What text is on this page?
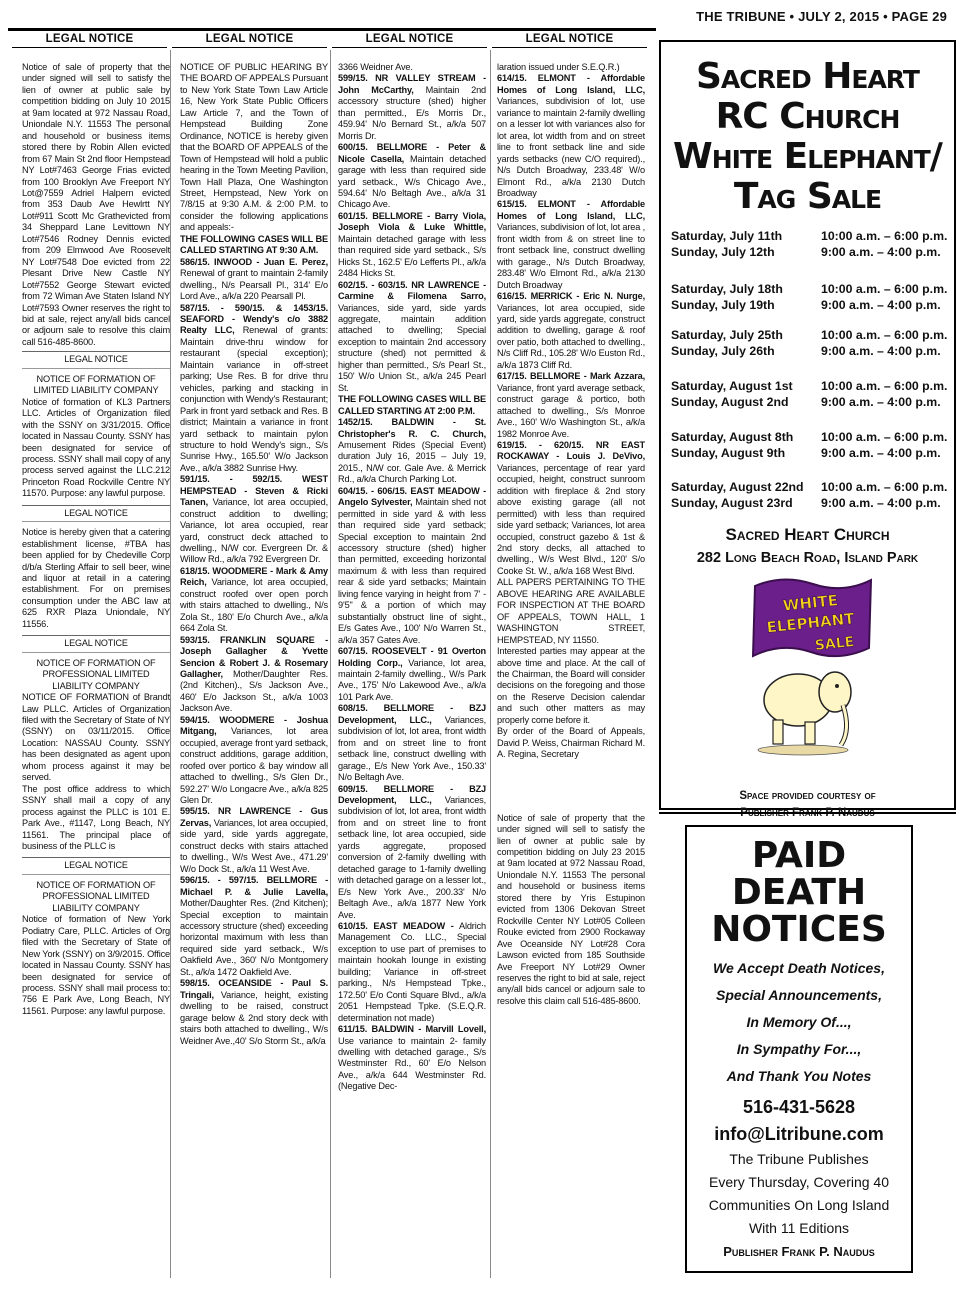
THE TRIBUNE • JULY 2, 2015 • PAGE 29
LEGAL NOTICE	LEGAL NOTICE	LEGAL NOTICE	LEGAL NOTICE

Notice of sale of property that the under signed will sell to satisfy the lien of owner at public sale by competition bidding on July 10 2015 at 9am located at 972 Nassau Road, Uniondale N.Y. 11553 The personal and household or business items stored there by Robin Allen evicted from 67 Main St 2nd floor Hempstead NY Lot#7463 George Frias evicted from 100 Brooklyn Ave Freeport NY Lot@7559 Adriel Halpern evicted from 353 Daub Ave Hewlrtt NY Lot#911 Scott Mc Grathevicted from 34 Sheppard Lane Levittown NY Lot#7546 Rodney Dennis evicted from 209 Elmwood Ave Roosevelt NY Lot#7548 Doe evicted from 22 Plesant Drive New Castle NY Lot#7552 George Stewart evicted from 72 Wiman Ave Staten Island NY Lot#7593 Owner reserves the right to bid at sale, reject any/all bids cancel or adjourn sale to resolve this claim call 516-485-8600.

LEGAL NOTICE

NOTICE OF FORMATION OF LIMITED LIABILITY COMPANY

Notice of formation of KL3 Partners LLC. Articles of Organization filed with the SSNY on 3/31/2015. Office located in Nassau County. SSNY has been designated for service of process. SSNY shall mail copy of any process served against the LLC.212 Princeton Road Rockville Centre NY 11570. Purpose: any lawful purpose.

LEGAL NOTICE

Notice is hereby given that a catering establishment license, #TBA has been applied for by Chedeville Corp d/b/a Sterling Affair to sell beer, wine and liquor at retail in a catering establishment. For on premises consumption under the ABC law at 625 RXR Plaza Uniondale, NY 11556.

LEGAL NOTICE

NOTICE OF FORMATION OF PROFESSIONAL LIMITED LIABILITY COMPANY

NOTICE OF FORMATION of Brandt Law PLLC. Articles of Organization filed with the Secretary of State of NY (SSNY) on 03/11/2015. Office Location: NASSAU County. SSNY has been designated as agent upon whom process against it may be served.

The post office address to which SSNY shall mail a copy of any process against the PLLC is 101 E. Park Ave., #1147, Long Beach, NY 11561. The principal place of business of the PLLC is

LEGAL NOTICE

NOTICE OF FORMATION OF PROFESSIONAL LIMITED LIABILITY COMPANY

Notice of formation of New York Podiatry Care, PLLC. Articles of Org filed with the Secretary of State of New York (SSNY) on 3/9/2015. Office located in Nassau County. SSNY has been designated for service of process. SSNY shall mail process to: 756 E Park Ave, Long Beach, NY 11561. Purpose: any lawful purpose.

NOTICE OF PUBLIC HEARING BY THE BOARD OF APPEALS Pursuant to New York State Town Law Article 16, New York State Public Officers Law Article 7, and the Town of Hempstead Building Zone Ordinance, NOTICE is hereby given that the BOARD OF APPEALS of the Town of Hempstead will hold a public hearing in the Town Meeting Pavilion, Town Hall Plaza, One Washington Street, Hempstead, New York on 7/8/15 at 9:30 A.M. & 2:00 P.M. to consider the following applications and appeals:-

THE FOLLOWING CASES WILL BE CALLED STARTING AT 9:30 A.M.

586/15. INWOOD - Juan E. Perez, Renewal of grant to maintain 2-family dwelling., N/s Pearsall Pl., 314' E/o Lord Ave., a/k/a 220 Pearsall Pl.

587/15. - 590/15. & 1453/15. SEAFORD - Wendy's c/o 3882 Realty LLC, Renewal of grants: Maintain drive-thru window for restaurant (special exception); Maintain variance in off-street parking; Use Res. B for drive thru vehicles, parking and stacking in conjunction with Wendy's Restaurant; Park in front yard setback and Res. B district; Maintain a variance in front yard setback to maintain pylon structure to hold Wendy's sign., S/s Sunrise Hwy., 165.50' W/o Jackson Ave., a/k/a 3882 Sunrise Hwy.

591/15. - 592/15. WEST HEMPSTEAD - Steven & Ricki Tanen, Variance, lot area occupied, construct addition to dwelling; Variance, lot area occupied, rear yard, construct deck attached to dwelling., N/W cor. Evergreen Dr. & Willow Rd., a/k/a 792 Evergreen Dr.

618/15. WOODMERE - Mark & Amy Reich, Variance, lot area occupied, construct roofed over open porch with stairs attached to dwelling., N/s Zola St., 180' E/o Church Ave., a/k/a 664 Zola St.

593/15. FRANKLIN SQUARE - Joseph Gallagher & Yvette Sencion & Robert J. & Rosemary Gallagher, Mother/Daughter Res. (2nd Kitchen)., S/s Jackson Ave., 460' E/o Jackson St., a/k/a 1003 Jackson Ave.

594/15. WOODMERE - Joshua Mitgang, Variances, lot area occupied, average front yard setback, construct additions, garage addition, roofed over portico & bay window all attached to dwelling., S/s Glen Dr., 592.27' W/o Longacre Ave., a/k/a 825 Glen Dr.

595/15. NR LAWRENCE - Gus Zervas, Variances, lot area occupied, side yard, side yards aggregate, construct decks with stairs attached to dwelling., W/s West Ave., 471.29' W/o Dock St., a/k/a 11 West Ave.

596/15. - 597/15. BELLMORE - Michael P. & Julie Lavella, Mother/Daughter Res. (2nd Kitchen); Special exception to maintain accessory structure (shed) exceeding horizontal maximum with less than required side yard setback., W/s Oakfield Ave., 360' N/o Montgomery St., a/k/a 1472 Oakfield Ave.

598/15. OCEANSIDE - Paul S. Tringali, Variance, height, existing dwelling to be raised, construct garage below & 2nd story deck with stairs both attached to dwelling., W/s Weidner Ave.,40' S/o Storm St., a/k/a

3366 Weidner Ave.

599/15. NR VALLEY STREAM - John McCarthy, Maintain 2nd accessory structure (shed) higher than permitted., E/s Morris Dr., 459.94' N/o Bernard St., a/k/a 507 Morris Dr.

600/15. BELLMORE - Peter & Nicole Casella, Maintain detached garage with less than required side yard setback., W/s Chicago Ave., 594.64' N/o Beltagh Ave., a/k/a 31 Chicago Ave.

601/15. BELLMORE - Barry Viola, Joseph Viola & Luke Whittle, Maintain detached garage with less than required side yard setback., S/s Hicks St., 162.5' E/o Lefferts Pl., a/k/a 2484 Hicks St.

602/15. - 603/15. NR LAWRENCE - Carmine & Filomena Sarro, Variances, side yard, side yards aggregate, maintain addition attached to dwelling; Special exception to maintain 2nd accessory structure (shed) not permitted & higher than permitted., S/s Pearl St., 150' W/o Union St., a/k/a 245 Pearl St.

THE FOLLOWING CASES WILL BE CALLED STARTING AT 2:00 P.M.

1452/15. BALDWIN - St. Christopher's R. C. Church, Amusement Rides (Special Event) duration July 16, 2015 – July 19, 2015., N/W cor. Gale Ave. & Merrick Rd., a/k/a Church Parking Lot.

604/15. - 606/15. EAST MEADOW - Angelo Sylvester, Maintain shed not permitted in side yard & with less than required side yard setback; Special exception to maintain 2nd accessory structure (shed) higher than permitted, exceeding horizontal maximum & with less than required rear & side yard setbacks; Maintain living fence varying in height from 7' - 9'5" & a portion of which may substantially obstruct line of sight., E/s Gates Ave., 100' N/o Warren St., a/k/a 357 Gates Ave.

607/15. ROOSEVELT - 91 Overton Holding Corp., Variance, lot area, maintain 2-family dwelling., W/s Park Ave., 175' N/o Lakewood Ave., a/k/a 101 Park Ave.

608/15. BELLMORE - BZJ Development, LLC., Variances, subdivision of lot, lot area, front width from and on street line to front setback line, construct dwelling with garage., E/s New York Ave., 150.33' N/o Beltagh Ave.

609/15. BELLMORE - BZJ Development, LLC., Variances, subdivision of lot, lot area, front width from and on street line to front setback line, lot area occupied, side yards aggregate, proposed conversion of 2-family dwelling with detached garage to 1-family dwelling with detached garage on a lesser lot., E/s New York Ave., 200.33' N/o Beltagh Ave., a/k/a 1877 New York Ave.

610/15. EAST MEADOW - Aldrich Management Co. LLC., Special exception to use part of premises to maintain hookah lounge in existing building; Variance in off-street parking., N/s Hempstead Tpke., 172.50' E/o Conti Square Blvd., a/k/a 2051 Hempstead Tpke. (S.E.Q.R. determination not made)

611/15. BALDWIN - Marvill Lovell, Use variance to maintain 2- family dwelling with detached garage., S/s Westminster Rd., 60' E/o Nelson Ave., a/k/a 644 Westminster Rd. (Negative Dec-

laration issued under S.E.Q.R.)

614/15. ELMONT - Affordable Homes of Long Island, LLC, Variances, subdivision of lot, use variance to maintain 2-family dwelling on a lesser lot with variances also for lot area, lot width from and on street line to front setback line and side yards setbacks (new C/O required)., N/s Dutch Broadway, 233.48' W/o Elmont Rd., a/k/a 2130 Dutch Broadway

615/15. ELMONT - Affordable Homes of Long Island, LLC, Variances, subdivision of lot, lot area , front width from & on street line to front setback line, construct dwelling with garage., N/s Dutch Broadway, 283.48' W/o Elmont Rd., a/k/a 2130 Dutch Broadway

616/15. MERRICK - Eric N. Nurge, Variances, lot area occupied, side yard, side yards aggregate, construct addition to dwelling, garage & roof over patio, both attached to dwelling., N/s Cliff Rd., 105.28' W/o Euston Rd., a/k/a 1873 Cliff Rd.

617/15. BELLMORE - Mark Azzara, Variance, front yard average setback, construct garage & portico, both attached to dwelling., S/s Monroe Ave., 160' W/o Washington St., a/k/a 1982 Monroe Ave.

619/15. - 620/15. NR EAST ROCKAWAY - Louis J. DeVivo, Variances, percentage of rear yard occupied, height, construct sunroom addition with fireplace & 2nd story above existing garage (all not permitted) with less than required side yard setback; Variances, lot area occupied, construct gazebo & 1st & 2nd story decks, all attached to dwelling., W/s West Blvd., 120' S/o Cooke St. W., a/k/a 168 West Blvd.

ALL PAPERS PERTAINING TO THE ABOVE HEARING ARE AVAILABLE FOR INSPECTION AT THE BOARD OF APPEALS, TOWN HALL, 1 WASHINGTON STREET, HEMPSTEAD, NY 11550.

Interested parties may appear at the above time and place. At the call of the Chairman, the Board will consider decisions on the foregoing and those on the Reserve Decision calendar and such other matters as may properly come before it.

By order of the Board of Appeals, David P. Weiss, Chairman Richard M. A. Regina, Secretary

Notice of sale of property that the under signed will sell to satisfy the lien of owner at public sale by competition bidding on July 23 2015 at 9am located at 972 Nassau Road, Uniondale N.Y. 11553 The personal and household or business items stored there by Yris Estupinon evicted from 1306 Dekovan Street Rockville Center NY Lot#05 Colleen Rouke evicted from 2900 Rockaway Ave Oceanside NY Lot#28 Cora Lawson evicted from 185 Southside Ave Freeport NY Lot#29 Owner reserves the right to bid at sale, reject any/all bids cancel or adjourn sale to resolve this claim call 516-485-8600.

Sacred Heart
RC Church
White Elephant/
Tag Sale
Saturday, July 11th	10:00 a.m. – 6:00 p.m.
Sunday, July 12th	9:00 a.m. – 4:00 p.m.
Saturday, July 18th	10:00 a.m. – 6:00 p.m.
Sunday, July 19th	9:00 a.m. – 4:00 p.m.
Saturday, July 25th	10:00 a.m. – 6:00 p.m.
Sunday, July 26th	9:00 a.m. – 4:00 p.m.
Saturday, August 1st	10:00 a.m. – 6:00 p.m.
Sunday, August 2nd	9:00 a.m. – 4:00 p.m.
Saturday, August 8th	10:00 a.m. – 6:00 p.m.
Sunday, August 9th	9:00 a.m. – 4:00 p.m.
Saturday, August 22nd	10:00 a.m. – 6:00 p.m.
Sunday, August 23rd	9:00 a.m. – 4:00 p.m.
Sacred Heart Church
282 Long Beach Road, Island Park
WHITE
ELEPHANT
SALE
Space provided courtesy of
Publisher Frank P. Naudus
PAID
DEATH
NOTICES
We Accept Death Notices,
Special Announcements,
In Memory Of...,
In Sympathy For...,
And Thank You Notes
516-431-5628
info@Litribune.com
The Tribune Publishes
Every Thursday, Covering 40
Communities On Long Island
With 11 Editions
Publisher Frank P. Naudus
